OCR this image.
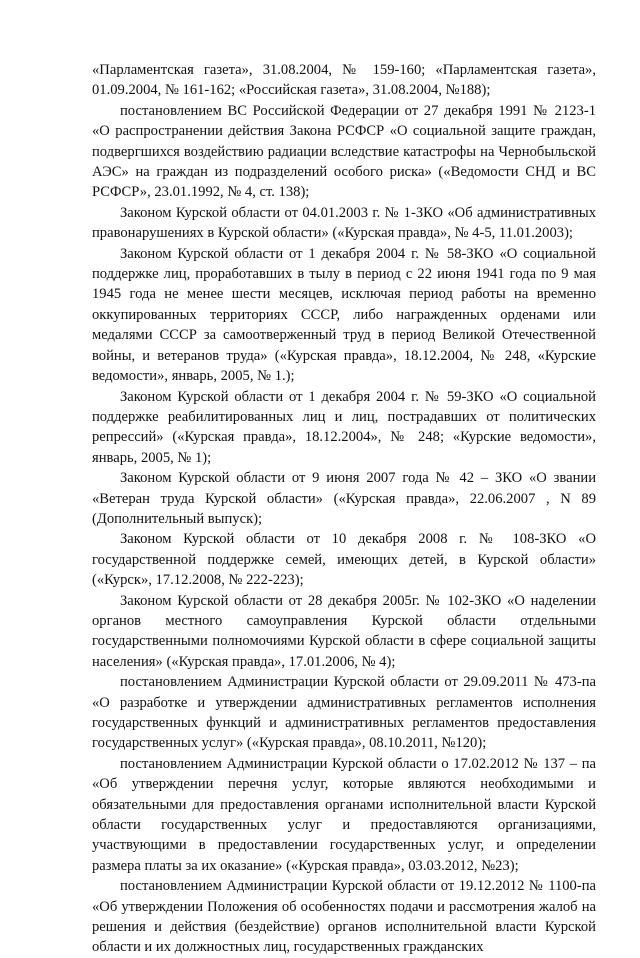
«Парламентская газета», 31.08.2004, № 159-160; «Парламентская газета», 01.09.2004, № 161-162; «Российская газета», 31.08.2004, №188);

постановлением ВС Российской Федерации от 27 декабря 1991 № 2123-1 «О распространении действия Закона РСФСР «О социальной защите граждан, подвергшихся воздействию радиации вследствие катастрофы на Чернобыльской АЭС» на граждан из подразделений особого риска» («Ведомости СНД и ВС РСФСР», 23.01.1992, № 4, ст. 138);

Законом Курской области от 04.01.2003 г. № 1-ЗКО «Об административных правонарушениях в Курской области» («Курская правда», № 4-5, 11.01.2003);

Законом Курской области от 1 декабря 2004 г. № 58-ЗКО «О социальной поддержке лиц, проработавших в тылу в период с 22 июня 1941 года по 9 мая 1945 года не менее шести месяцев, исключая период работы на временно оккупированных территориях СССР, либо награжденных орденами или медалями СССР за самоотверженный труд в период Великой Отечественной войны, и ветеранов труда» («Курская правда», 18.12.2004, № 248, «Курские ведомости», январь, 2005, № 1.);

Законом Курской области от 1 декабря 2004 г. № 59-ЗКО «О социальной поддержке реабилитированных лиц и лиц, пострадавших от политических репрессий» («Курская правда», 18.12.2004», № 248; «Курские ведомости», январь, 2005, № 1);

Законом Курской области от 9 июня 2007 года № 42 – ЗКО «О звании «Ветеран труда Курской области» («Курская правда», 22.06.2007 , N 89 (Дополнительный выпуск);

Законом Курской области от 10 декабря 2008 г. № 108-ЗКО «О государственной поддержке семей, имеющих детей, в Курской области» («Курск», 17.12.2008, № 222-223);

Законом Курской области от 28 декабря 2005г. № 102-ЗКО «О наделении органов местного самоуправления Курской области отдельными государственными полномочиями Курской области в сфере социальной защиты населения» («Курская правда», 17.01.2006, № 4);

постановлением Администрации Курской области от 29.09.2011 № 473-па «О разработке и утверждении административных регламентов исполнения государственных функций и административных регламентов предоставления государственных услуг» («Курская правда», 08.10.2011, №120);

постановлением Администрации Курской области о 17.02.2012 № 137 – па «Об утверждении перечня услуг, которые являются необходимыми и обязательными для предоставления органами исполнительной власти Курской области государственных услуг и предоставляются организациями, участвующими в предоставлении государственных услуг, и определении размера платы за их оказание» («Курская правда», 03.03.2012, №23);

постановлением Администрации Курской области от 19.12.2012 № 1100-па «Об утверждении Положения об особенностях подачи и рассмотрения жалоб на решения и действия (бездействие) органов исполнительной власти Курской области и их должностных лиц, государственных гражданских
